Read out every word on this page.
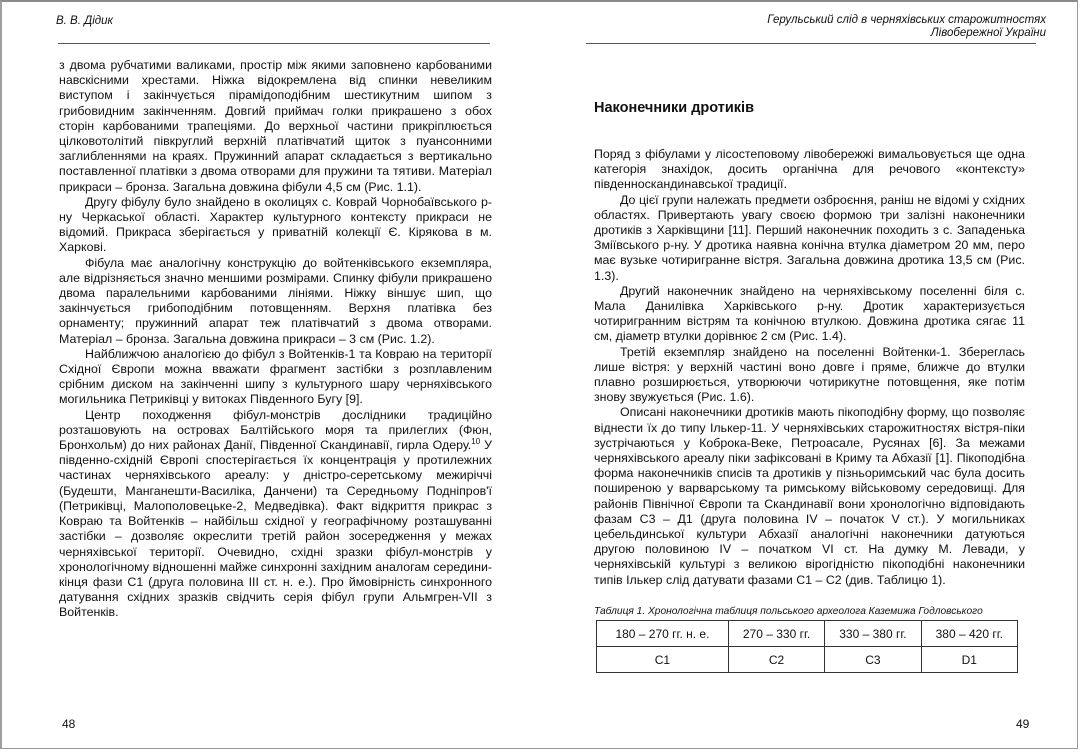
В. В. Дідик

з двома рубчатими валиками, простір між якими заповнено карбованими навскісними хрестами. Ніжка відокремлена від спинки невеликим виступом і закінчується пірамідоподібним шестикутним шипом з грибовидним закінченням. Довгий приймач голки прикрашено з обох сторін карбованими трапеціями. До верхньої частини прикріплюється цілковотолітий півкруглий верхній платівчатий щиток з пуансонними заглибленнями на краях. Пружинний апарат складається з вертикально поставленної платівки з двома отворами для пружини та тятиви. Матеріал прикраси – бронза. Загальна довжина фібули 4,5 см (Рис. 1.1).

Другу фібулу було знайдено в околицях с. Коврай Чорнобаївського р-ну Черкаської області. Характер культурного контексту прикраси не відомий. Прикраса зберігається у приватній колекції Є. Кірякова в м. Харкові.

Фібула має аналогічну конструкцію до войтенківського екземпляра, але відрізняється значно меншими розмірами. Спинку фібули прикрашено двома паралельними карбованими лініями. Ніжку віншує шип, що закінчується грибоподібним потовщенням. Верхня платівка без орнаменту; пружинний апарат теж платівчатий з двома отворами. Матеріал – бронза. Загальна довжина прикраси – 3 см (Рис. 1.2).

Найближчою аналогією до фібул з Войтенків-1 та Ковраю на території Східної Європи можна вважати фрагмент застібки з розплавленим срібним диском на закінченні шипу з культурного шару черняхівського могильника Петриківці у витоках Південного Бугу [9].

Центр походження фібул-монстрів дослідники традиційно розташовують на островах Балтійського моря та прилеглих (Фюн, Бронхольм) до них районах Данії, Південної Скандинавії, гирла Одеру.$^{10}$ У південно-східній Європі спостерігається їх концентрація у протилежних частинах черняхівського ареалу: у дністро-сeретському межиріччі (Будешти, Манганешти-Василіка, Данчени) та Середньому Подніпров'ї (Петриківці, Малополовецьке-2, Медведівка). Факт відкриття прикрас з Ковраю та Войтенків – найбільш східної у географічному розташуванні застібки – дозволяє окреслити третій район зосередження у межах черняхівської території. Очевидно, східні зразки фібул-монстрів у хронологічному відношенні майже синхронні західним аналогам середини-кінця фази С1 (друга половина III ст. н. е.). Про ймовірність синхронного датування східних зразків свідчить серія фібул групи Альмгрен-VII з Войтенків.

48
Герульський слід в черняхівських старожитностях
Лівобережної України
Наконечники дротиків

Поряд з фібулами у лісостеповому лівобережжі вимальовується ще одна категорія знахідок, досить органічна для речового «контексту» південноскандинавської традиції.

До цієї групи належать предмети озброєння, раніш не відомі у східних областях. Привертають увагу своєю формою три залізні наконечники дротиків з Харківщини [11]. Перший наконечник походить з с. Западенька Зміївського р-ну. У дротика наявна конічна втулка діаметром 20 мм, перо має вузьке чотиригранне вістря. Загальна довжина дротика 13,5 см (Рис. 1.3).

Другий наконечник знайдено на черняхівському поселенні біля с. Мала Данилівка Харківського р-ну. Дротик характеризується чотиригранним вістрям та конічною втулкою. Довжина дротика сягає 11 см, діаметр втулки дорівнює 2 см (Рис. 1.4).

Третій екземпляр знайдено на поселенні Войтенки-1. Збереглась лише вістря: у верхній частині воно довге і пряме, ближче до втулки плавно розширюється, утворюючи чотирикутне потовщення, яке потім знову звужується (Рис. 1.6).

Описані наконечники дротиків мають пікоподібну форму, що позволяє віднести їх до типу Ількер-11. У черняхівських старожитностях вістря-піки зустрічаються у Коброка-Веке, Петроасале, Русянах [6]. За межами черняхівського ареалу піки зафіксовані в Криму та Абхазії [1]. Пікоподібна форма наконечників списів та дротиків у пізньоримський час була досить поширеною у варварському та римському військовому середовищі. Для районів Північної Європи та Скандинавії вони хронологічно відповідають фазам С3 – Д1 (друга половина IV – початок V ст.). У могильниках цебельдинської культури Абхазії аналогічні наконечники датуються другою половиною IV – початком VI ст. На думку М. Левади, у черняхівській культурі з великою вірогідністю пікоподібні наконечники типів Ількер слід датувати фазами С1 – С2 (див. Таблицю 1).

Таблиця 1. Хронологічна таблиця польського археолога Каземижа Годловського
180 – 270 гг. н. е.	270 – 330 гг.	330 – 380 гг.	380 – 420 гг.
С1	С2	С3	D1
49
